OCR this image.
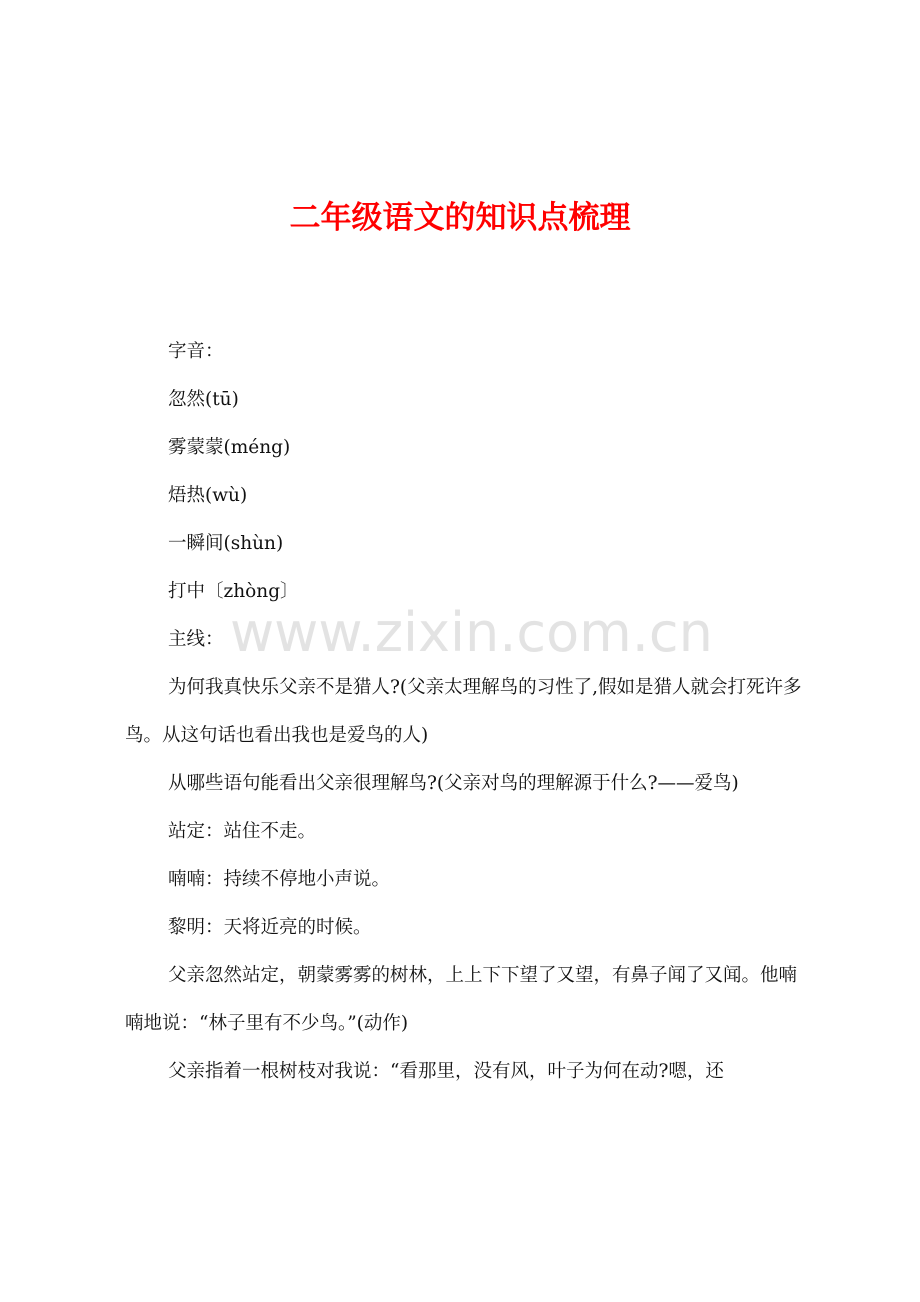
二年级语文的知识点梳理
www.zixin.com.cn

字音：

忽然(tū)

雾蒙蒙(méng)

焐热(wù)

一瞬间(shùn)

打中〔zhòng〕

主线：

为何我真快乐父亲不是猎人?(父亲太理解鸟的习性了,假如是猎人就会打死许多鸟。从这句话也看出我也是爱鸟的人)

从哪些语句能看出父亲很理解鸟?(父亲对鸟的理解源于什么?——爱鸟)

站定：站住不走。

喃喃：持续不停地小声说。

黎明：天将近亮的时候。

父亲忽然站定，朝蒙雾雾的树林，上上下下望了又望，有鼻子闻了又闻。他喃喃地说：“林子里有不少鸟。”(动作)

父亲指着一根树枝对我说：“看那里，没有风，叶子为何在动?嗯，还
